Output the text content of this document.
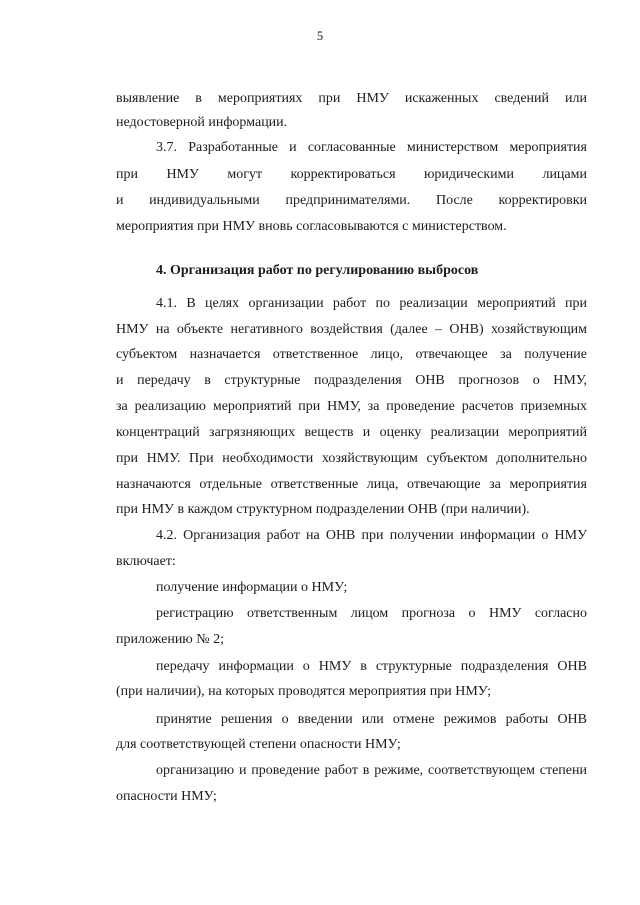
5
выявление в мероприятиях при НМУ искаженных сведений или
недостоверной информации.
3.7. Разработанные и согласованные министерством мероприятия
при НМУ могут корректироваться юридическими лицами
и индивидуальными предпринимателями. После корректировки
мероприятия при НМУ вновь согласовываются с министерством.
4. Организация работ по регулированию выбросов
4.1. В целях организации работ по реализации мероприятий при
НМУ на объекте негативного воздействия (далее – ОНВ) хозяйствующим
субъектом назначается ответственное лицо, отвечающее за получение
и передачу в структурные подразделения ОНВ прогнозов о НМУ,
за реализацию мероприятий при НМУ, за проведение расчетов приземных
концентраций загрязняющих веществ и оценку реализации мероприятий
при НМУ. При необходимости хозяйствующим субъектом дополнительно
назначаются отдельные ответственные лица, отвечающие за мероприятия
при НМУ в каждом структурном подразделении ОНВ (при наличии).
4.2. Организация работ на ОНВ при получении информации о НМУ
включает:
получение информации о НМУ;
регистрацию ответственным лицом прогноза о НМУ согласно
приложению № 2;
передачу информации о НМУ в структурные подразделения ОНВ
(при наличии), на которых проводятся мероприятия при НМУ;
принятие решения о введении или отмене режимов работы ОНВ
для соответствующей степени опасности НМУ;
организацию и проведение работ в режиме, соответствующем степени
опасности НМУ;
